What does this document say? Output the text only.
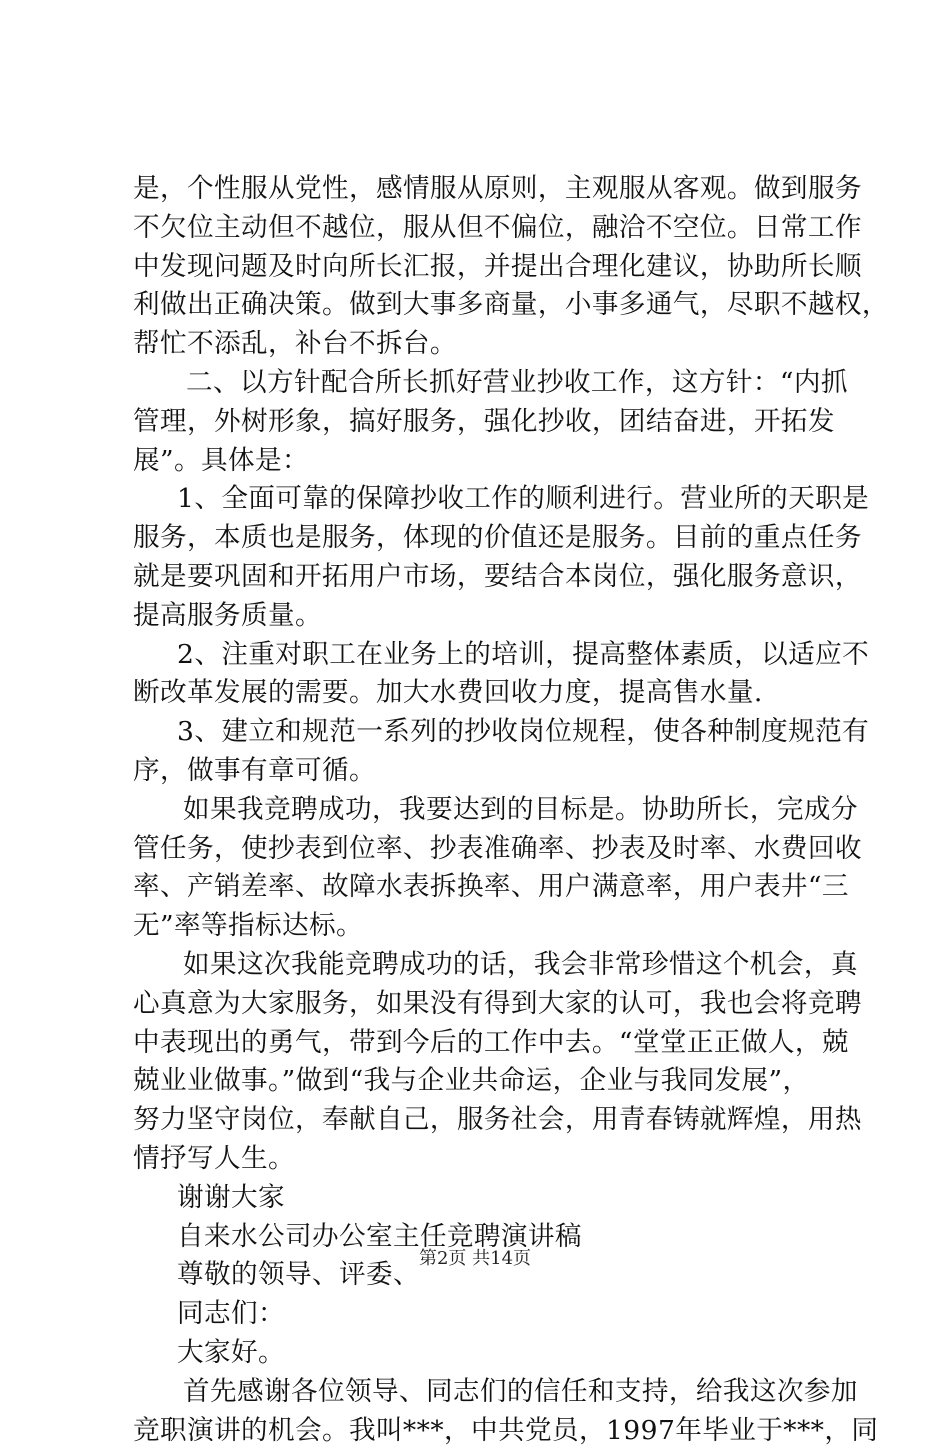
是，个性服从党性，感情服从原则，主观服从客观。做到服务
不欠位主动但不越位，服从但不偏位，融洽不空位。日常工作
中发现问题及时向所长汇报，并提出合理化建议，协助所长顺
利做出正确决策。做到大事多商量，小事多通气，尽职不越权，
帮忙不添乱，补台不拆台。

二、以方针配合所长抓好营业抄收工作，这方针：“内抓
管理，外树形象，搞好服务，强化抄收，团结奋进，开拓发
展”。具体是：

1、全面可靠的保障抄收工作的顺利进行。营业所的天职是
服务，本质也是服务，体现的价值还是服务。目前的重点任务
就是要巩固和开拓用户市场，要结合本岗位，强化服务意识，
提高服务质量。

2、注重对职工在业务上的培训，提高整体素质，以适应不
断改革发展的需要。加大水费回收力度，提高售水量.

3、建立和规范一系列的抄收岗位规程，使各种制度规范有
序，做事有章可循。

如果我竞聘成功，我要达到的目标是。协助所长，完成分
管任务，使抄表到位率、抄表准确率、抄表及时率、水费回收
率、产销差率、故障水表拆换率、用户满意率，用户表井“三
无”率等指标达标。

如果这次我能竞聘成功的话，我会非常珍惜这个机会，真
心真意为大家服务，如果没有得到大家的认可，我也会将竞聘
中表现出的勇气，带到今后的工作中去。“堂堂正正做人，兢
兢业业做事。”做到“我与企业共命运，企业与我同发展”，
努力坚守岗位，奉献自己，服务社会，用青春铸就辉煌，用热
情抒写人生。

谢谢大家

自来水公司办公室主任竞聘演讲稿

尊敬的领导、评委、

同志们：

大家好。

首先感谢各位领导、同志们的信任和支持，给我这次参加
竞职演讲的机会。我叫***，中共党员，1997年毕业于***，同

第2页 共14页
